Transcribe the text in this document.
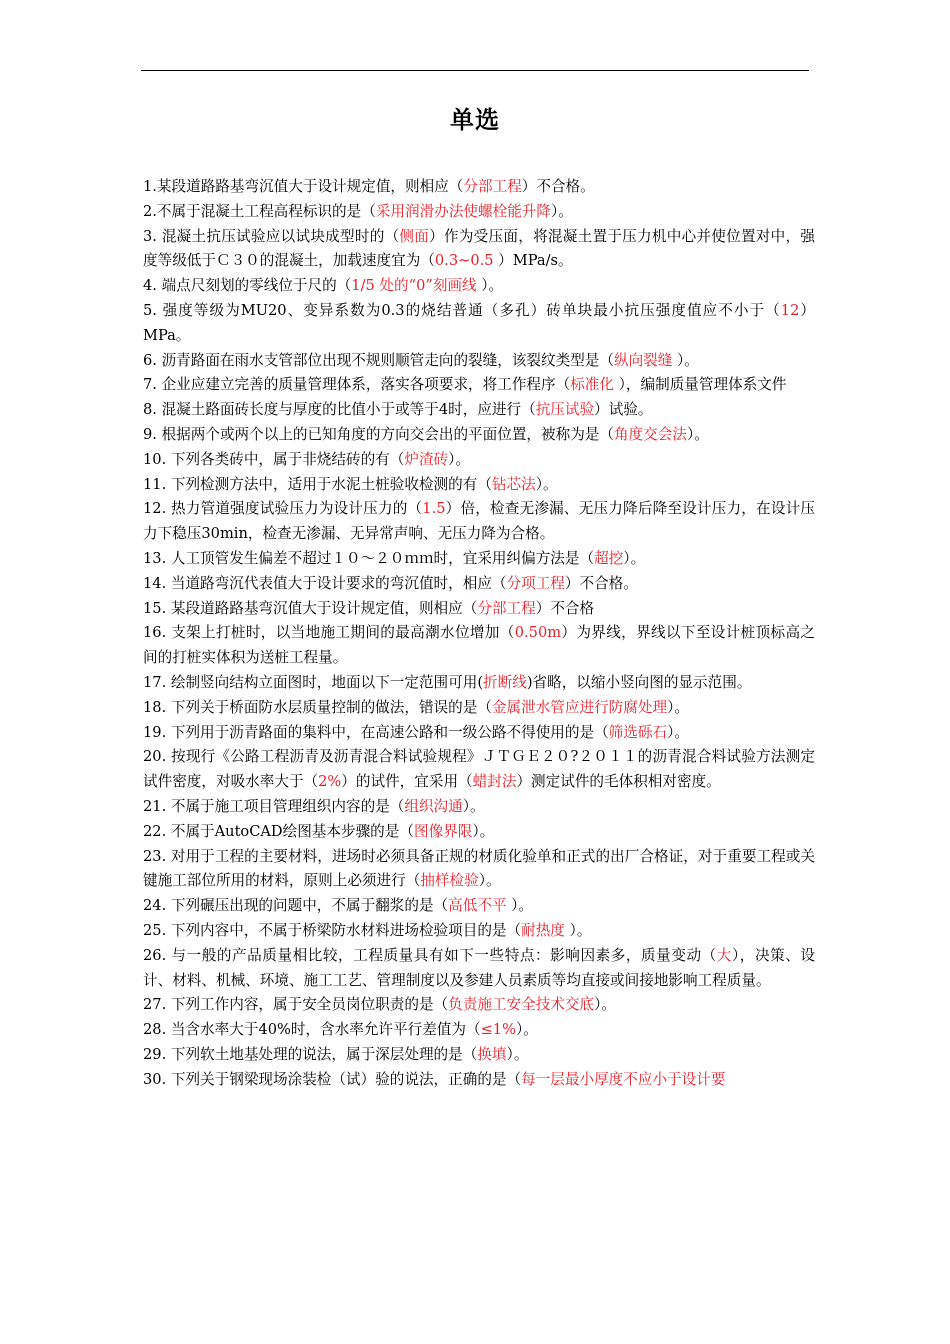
单选

1.某段道路路基弯沉值大于设计规定值，则相应（分部工程）不合格。

2.不属于混凝土工程高程标识的是（采用润滑办法使螺栓能升降）。

3. 混凝土抗压试验应以试块成型时的（侧面）作为受压面，将混凝土置于压力机中心并使位置对中，强度等级低于Ｃ３０的混凝土，加载速度宜为（0.3~0.5 ）MPa/s。

4. 端点尺刻划的零线位于尺的（1/5 处的“0”刻画线 ）。

5. 强度等级为MU20、变异系数为0.3的烧结普通（多孔）砖单块最小抗压强度值应不小于（12）MPa。

6. 沥青路面在雨水支管部位出现不规则顺管走向的裂缝，该裂纹类型是（纵向裂缝 ）。

7. 企业应建立完善的质量管理体系，落实各项要求，将工作程序（标准化 ），编制质量管理体系文件

8. 混凝土路面砖长度与厚度的比值小于或等于4时，应进行（抗压试验）试验。

9. 根据两个或两个以上的已知角度的方向交会出的平面位置，被称为是（角度交会法）。

10. 下列各类砖中，属于非烧结砖的有（炉渣砖）。

11. 下列检测方法中，适用于水泥土桩验收检测的有（钻芯法）。

12. 热力管道强度试验压力为设计压力的（1.5）倍，检查无渗漏、无压力降后降至设计压力，在设计压力下稳压30min，检查无渗漏、无异常声响、无压力降为合格。

13. 人工顶管发生偏差不超过１０～２０ｍｍ时，宜采用纠偏方法是（超挖）。

14. 当道路弯沉代表值大于设计要求的弯沉值时，相应（分项工程）不合格。

15. 某段道路路基弯沉值大于设计规定值，则相应（分部工程）不合格

16. 支架上打桩时，以当地施工期间的最高潮水位增加（0.50m）为界线，界线以下至设计桩顶标高之间的打桩实体积为送桩工程量。

17. 绘制竖向结构立面图时，地面以下一定范围可用(折断线)省略，以缩小竖向图的显示范围。

18. 下列关于桥面防水层质量控制的做法，错误的是（金属泄水管应进行防腐处理）。

19. 下列用于沥青路面的集料中，在高速公路和一级公路不得使用的是（筛选砾石）。

20. 按现行《公路工程沥青及沥青混合料试验规程》ＪＴＧＥ２０?２０１１的沥青混合料试验方法测定试件密度，对吸水率大于（2%）的试件，宜采用（蜡封法）测定试件的毛体积相对密度。

21. 不属于施工项目管理组织内容的是（组织沟通）。

22. 不属于AutoCAD绘图基本步骤的是（图像界限）。

23. 对用于工程的主要材料，进场时必须具备正规的材质化验单和正式的出厂合格证，对于重要工程或关键施工部位所用的材料，原则上必须进行（抽样检验）。

24. 下列碾压出现的问题中，不属于翻浆的是（高低不平 ）。

25. 下列内容中，不属于桥梁防水材料进场检验项目的是（耐热度 ）。

26. 与一般的产品质量相比较，工程质量具有如下一些特点：影响因素多，质量变动（大），决策、设计、材料、机械、环境、施工工艺、管理制度以及参建人员素质等均直接或间接地影响工程质量。

27. 下列工作内容，属于安全员岗位职责的是（负责施工安全技术交底）。

28. 当含水率大于40%时，含水率允许平行差值为（≤1%）。

29. 下列软土地基处理的说法，属于深层处理的是（换填）。

30. 下列关于钢梁现场涂装检（试）验的说法，正确的是（每一层最小厚度不应小于设计要
